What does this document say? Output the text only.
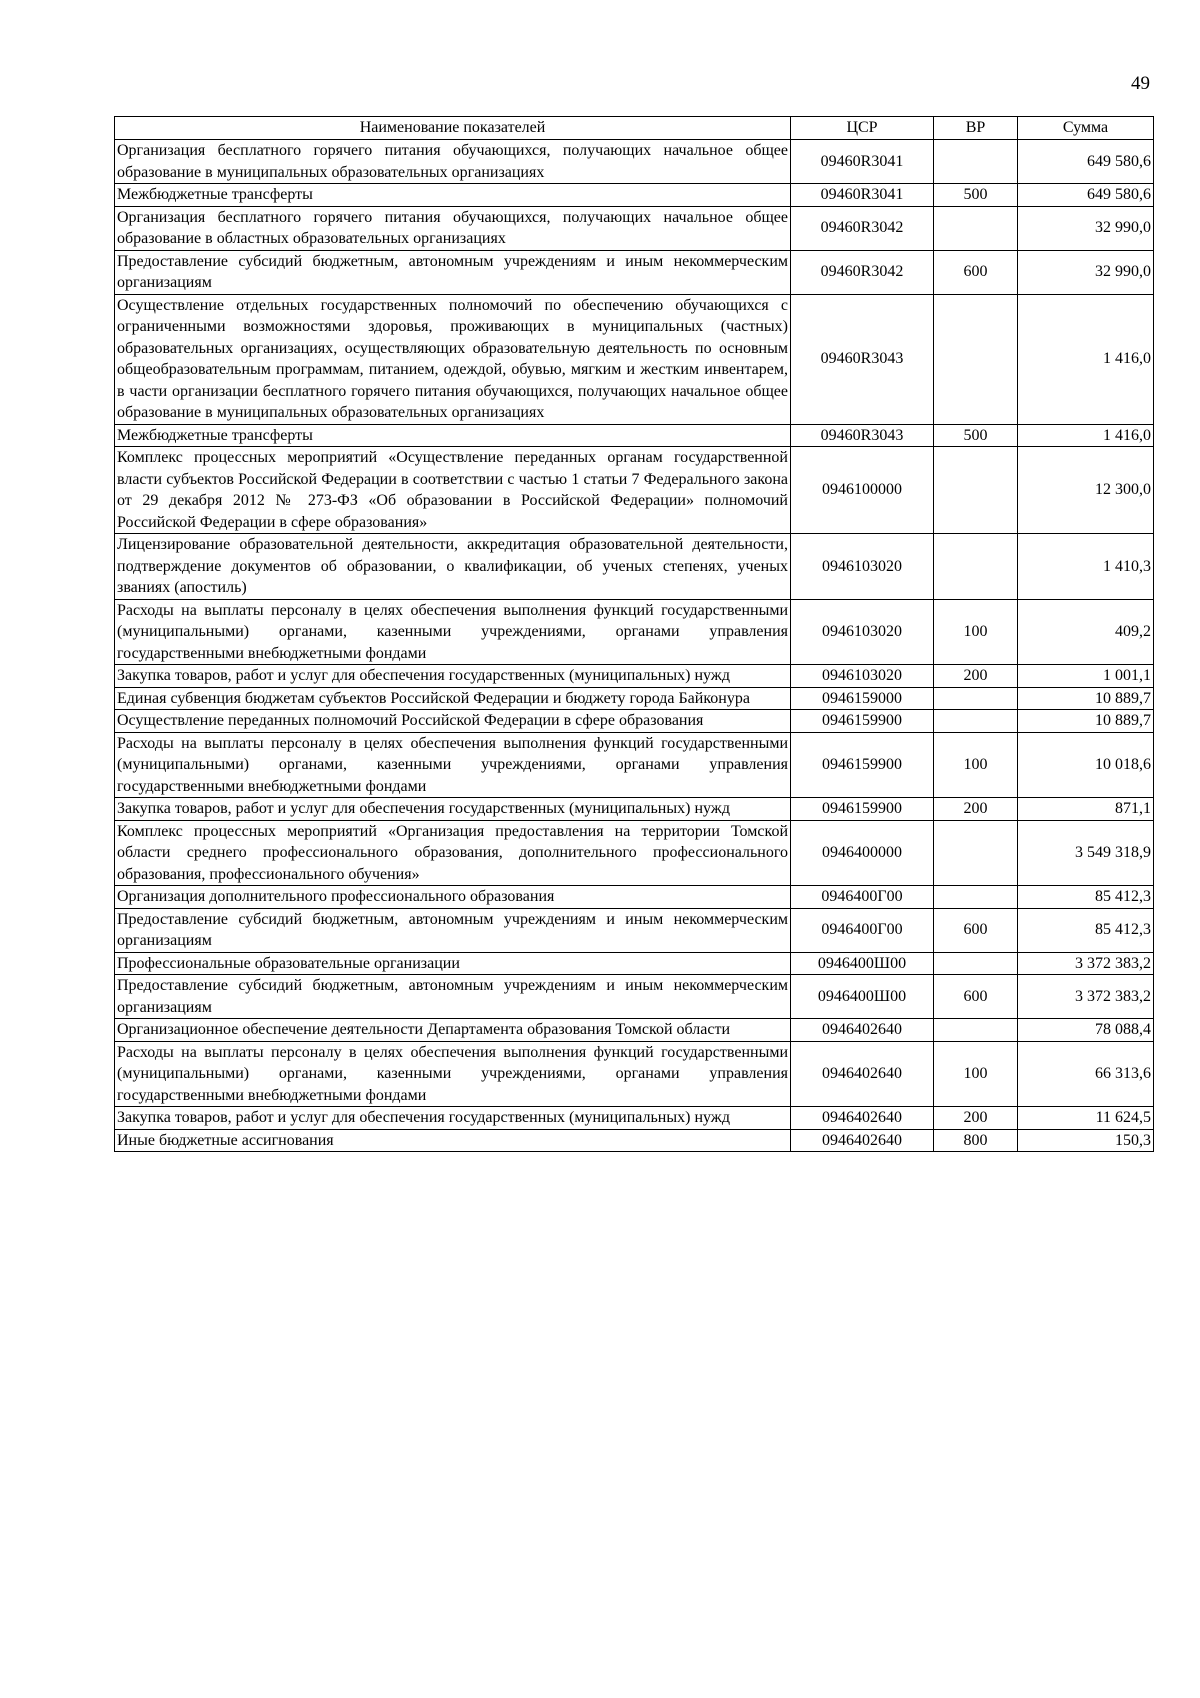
49
Наименование показателей	ЦСР	ВР	Сумма
Организация бесплатного горячего питания обучающихся, получающих начальное общее образование в муниципальных образовательных организациях	09460R3041		649 580,6
Межбюджетные трансферты	09460R3041	500	649 580,6
Организация бесплатного горячего питания обучающихся, получающих начальное общее образование в областных образовательных организациях	09460R3042		32 990,0
Предоставление субсидий бюджетным, автономным учреждениям и иным некоммерческим организациям	09460R3042	600	32 990,0
Осуществление отдельных государственных полномочий по обеспечению обучающихся с ограниченными возможностями здоровья, проживающих в муниципальных (частных) образовательных организациях, осуществляющих образовательную деятельность по основным общеобразовательным программам, питанием, одеждой, обувью, мягким и жестким инвентарем, в части организации бесплатного горячего питания обучающихся, получающих начальное общее образование в муниципальных образовательных организациях	09460R3043		1 416,0
Межбюджетные трансферты	09460R3043	500	1 416,0
Комплекс процессных мероприятий «Осуществление переданных органам государственной власти субъектов Российской Федерации в соответствии с частью 1 статьи 7 Федерального закона от 29 декабря 2012 № 273-ФЗ «Об образовании в Российской Федерации» полномочий Российской Федерации в сфере образования»	0946100000		12 300,0
Лицензирование образовательной деятельности, аккредитация образовательной деятельности, подтверждение документов об образовании, о квалификации, об ученых степенях, ученых званиях (апостиль)	0946103020		1 410,3
Расходы на выплаты персоналу в целях обеспечения выполнения функций государственными (муниципальными) органами, казенными учреждениями, органами управления государственными внебюджетными фондами	0946103020	100	409,2
Закупка товаров, работ и услуг для обеспечения государственных (муниципальных) нужд	0946103020	200	1 001,1
Единая субвенция бюджетам субъектов Российской Федерации и бюджету города Байконура	0946159000		10 889,7
Осуществление переданных полномочий Российской Федерации в сфере образования	0946159900		10 889,7
Расходы на выплаты персоналу в целях обеспечения выполнения функций государственными (муниципальными) органами, казенными учреждениями, органами управления государственными внебюджетными фондами	0946159900	100	10 018,6
Закупка товаров, работ и услуг для обеспечения государственных (муниципальных) нужд	0946159900	200	871,1
Комплекс процессных мероприятий «Организация предоставления на территории Томской области среднего профессионального образования, дополнительного профессионального образования, профессионального обучения»	0946400000		3 549 318,9
Организация дополнительного профессионального образования	0946400Г00		85 412,3
Предоставление субсидий бюджетным, автономным учреждениям и иным некоммерческим организациям	0946400Г00	600	85 412,3
Профессиональные образовательные организации	0946400Ш00		3 372 383,2
Предоставление субсидий бюджетным, автономным учреждениям и иным некоммерческим организациям	0946400Ш00	600	3 372 383,2
Организационное обеспечение деятельности Департамента образования Томской области	0946402640		78 088,4
Расходы на выплаты персоналу в целях обеспечения выполнения функций государственными (муниципальными) органами, казенными учреждениями, органами управления государственными внебюджетными фондами	0946402640	100	66 313,6
Закупка товаров, работ и услуг для обеспечения государственных (муниципальных) нужд	0946402640	200	11 624,5
Иные бюджетные ассигнования	0946402640	800	150,3
